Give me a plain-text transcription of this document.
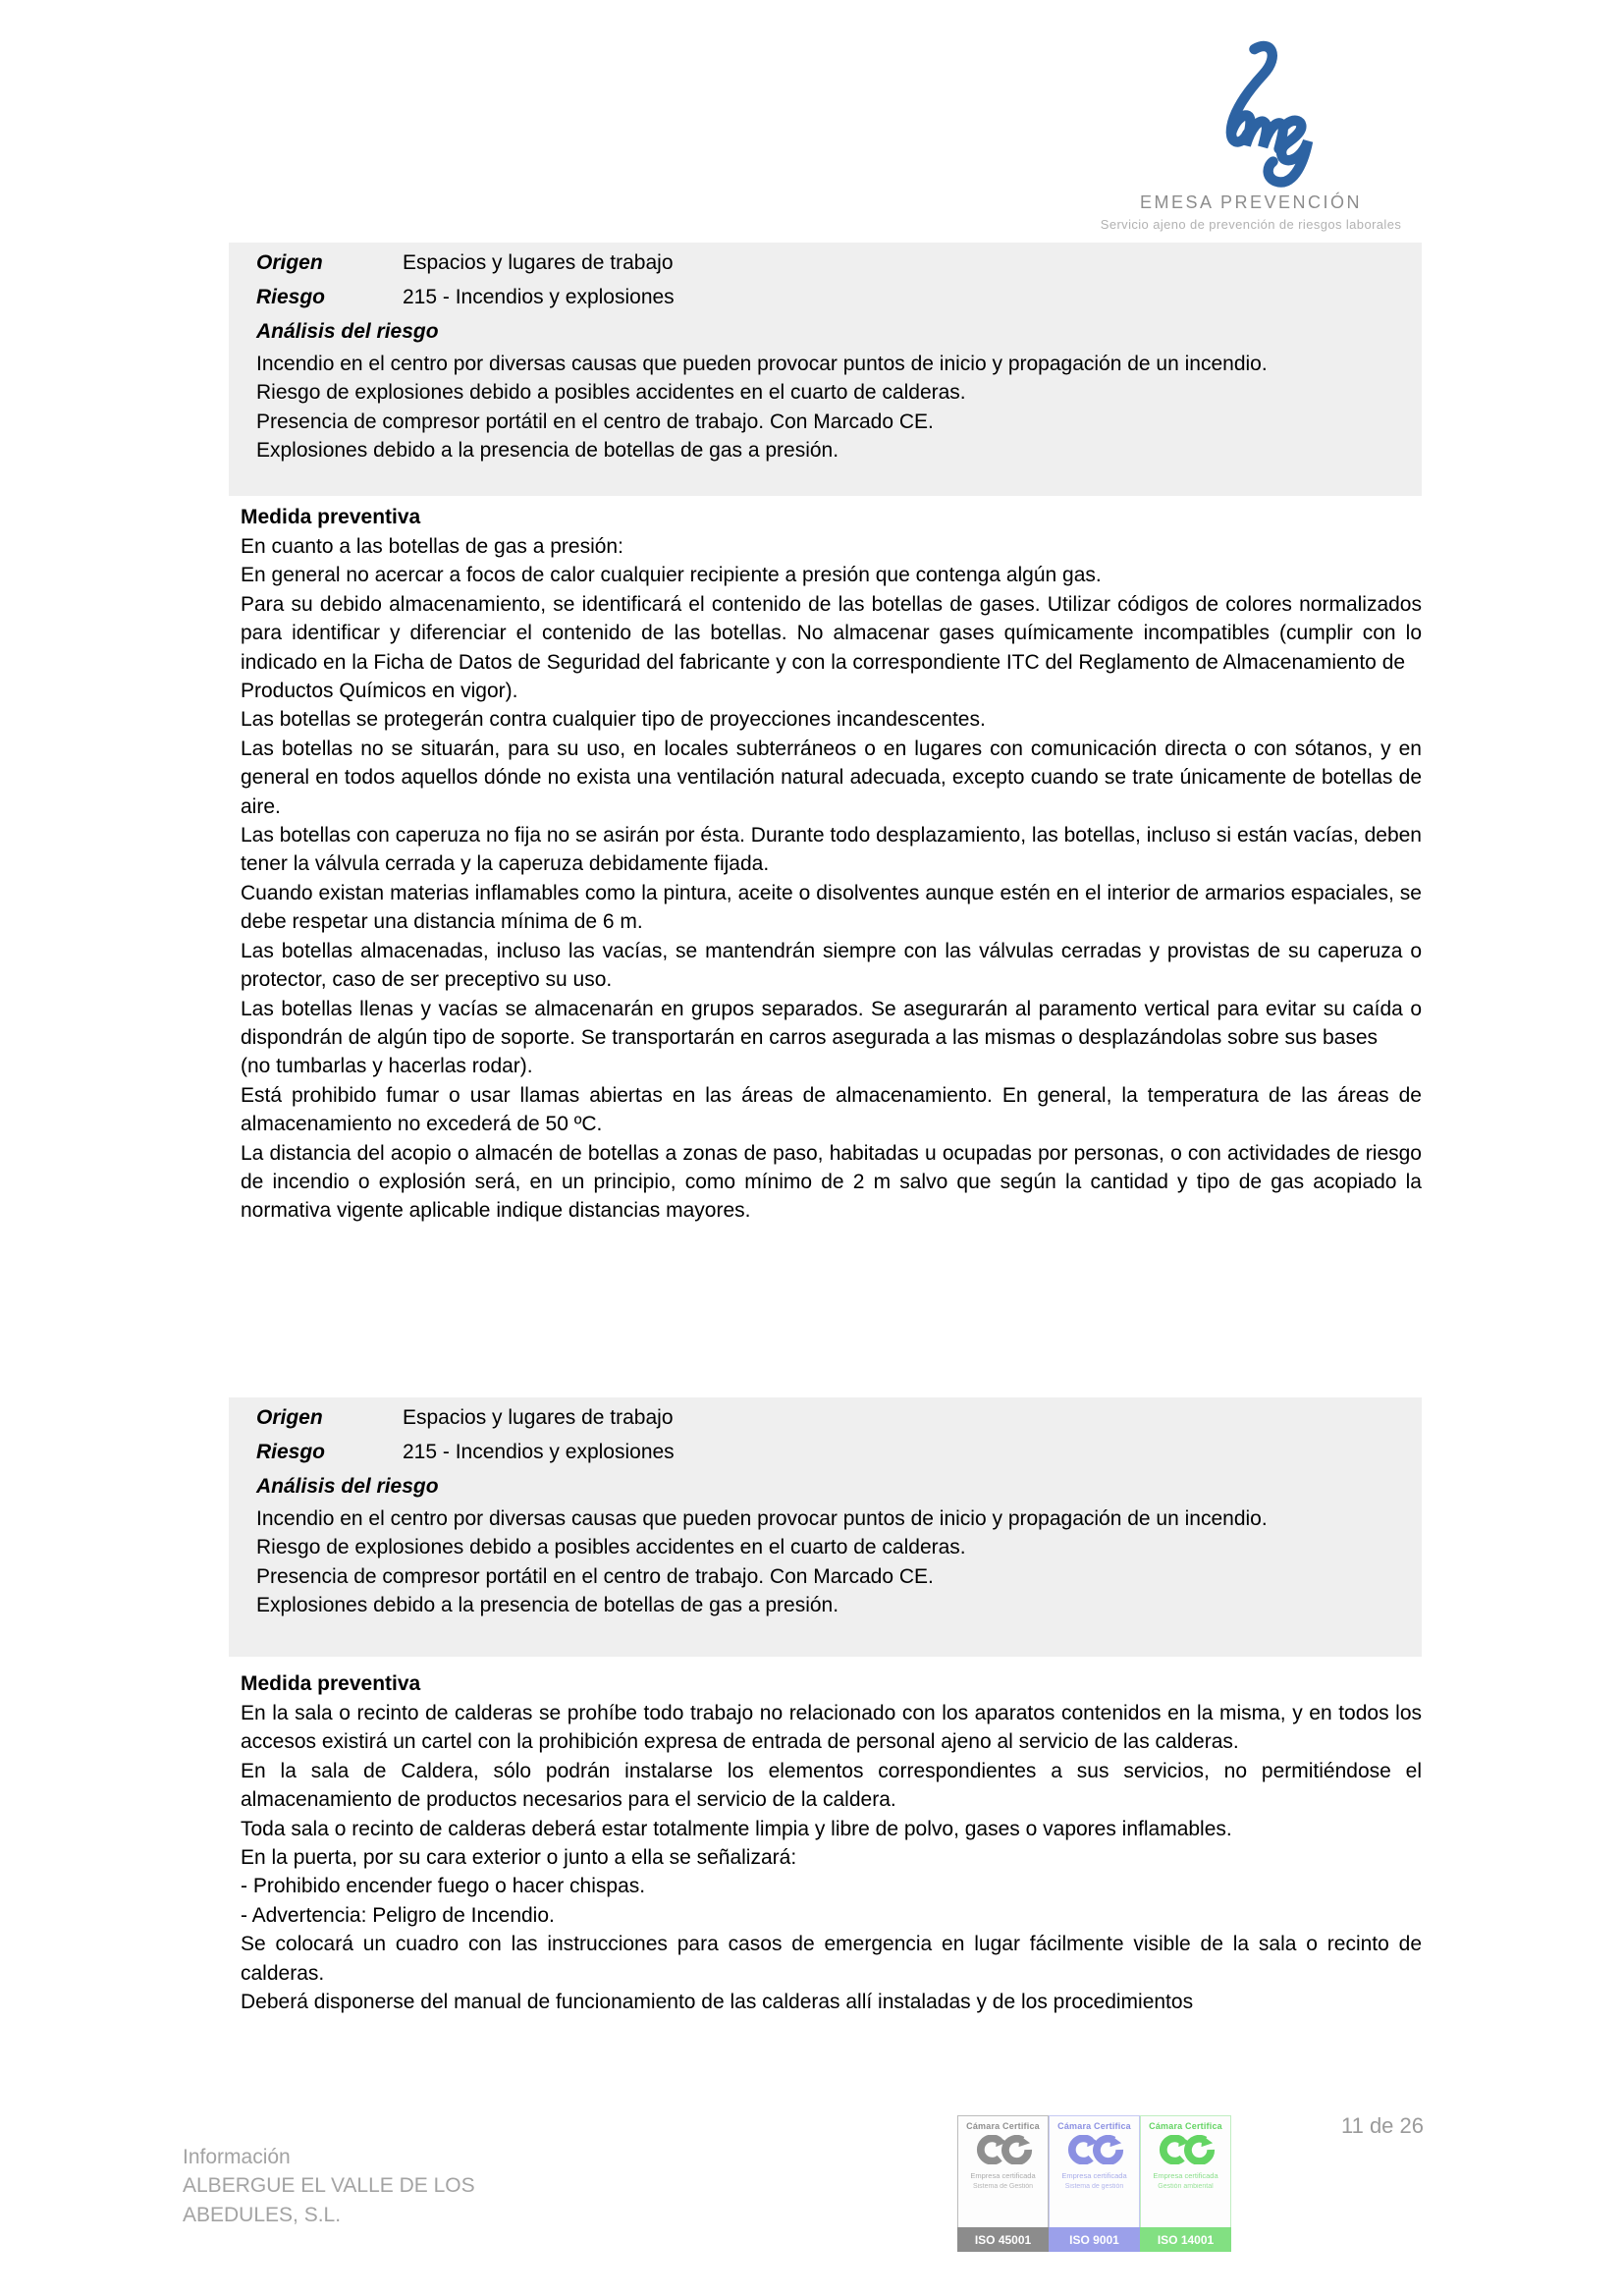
EMESA PREVENCIÓN
Servicio ajeno de prevención de riesgos laborales
Origen	Espacios y lugares de trabajo
Riesgo	215 - Incendios y explosiones
Análisis del riesgo

Incendio en el centro por diversas causas que pueden provocar puntos de inicio y propagación de un incendio.

Riesgo de explosiones debido a posibles accidentes en el cuarto de calderas.

Presencia de compresor portátil en el centro de trabajo. Con Marcado CE.

Explosiones debido a la presencia de botellas de gas a presión.

Medida preventiva

En cuanto a las botellas de gas a presión:

En general no acercar a focos de calor cualquier recipiente a presión que contenga algún gas.

Para su debido almacenamiento, se identificará el contenido de las botellas de gases. Utilizar códigos de colores normalizados para identificar y diferenciar el contenido de las botellas. No almacenar gases químicamente incompatibles (cumplir con lo indicado en la Ficha de Datos de Seguridad del fabricante y con la correspondiente ITC del Reglamento de Almacenamiento de

Productos Químicos en vigor).

Las botellas se protegerán contra cualquier tipo de proyecciones incandescentes.

Las botellas no se situarán, para su uso, en locales subterráneos o en lugares con comunicación directa o con sótanos, y en general en todos aquellos dónde no exista una ventilación natural adecuada, excepto cuando se trate únicamente de botellas de aire.

Las botellas con caperuza no fija no se asirán por ésta. Durante todo desplazamiento, las botellas, incluso si están vacías, deben tener la válvula cerrada y la caperuza debidamente fijada.

Cuando existan materias inflamables como la pintura, aceite o disolventes aunque estén en el interior de armarios espaciales, se debe respetar una distancia mínima de 6 m.

Las botellas almacenadas, incluso las vacías, se mantendrán siempre con las válvulas cerradas y provistas de su caperuza o protector, caso de ser preceptivo su uso.

Las botellas llenas y vacías se almacenarán en grupos separados. Se asegurarán al paramento vertical para evitar su caída o dispondrán de algún tipo de soporte. Se transportarán en carros asegurada a las mismas o desplazándolas sobre sus bases

(no tumbarlas y hacerlas rodar).

Está prohibido fumar o usar llamas abiertas en las áreas de almacenamiento. En general, la temperatura de las áreas de almacenamiento no excederá de 50 ºC.

La distancia del acopio o almacén de botellas a zonas de paso, habitadas u ocupadas por personas, o con actividades de riesgo de incendio o explosión será, en un principio, como mínimo de 2 m salvo que según la cantidad y tipo de gas acopiado la normativa vigente aplicable indique distancias mayores.

Origen	Espacios y lugares de trabajo
Riesgo	215 - Incendios y explosiones
Análisis del riesgo

Incendio en el centro por diversas causas que pueden provocar puntos de inicio y propagación de un incendio.

Riesgo de explosiones debido a posibles accidentes en el cuarto de calderas.

Presencia de compresor portátil en el centro de trabajo. Con Marcado CE.

Explosiones debido a la presencia de botellas de gas a presión.

Medida preventiva

En la sala o recinto de calderas se prohíbe todo trabajo no relacionado con los aparatos contenidos en la misma, y en todos los accesos existirá un cartel con la prohibición expresa de entrada de personal ajeno al servicio de las calderas.

En la sala de Caldera, sólo podrán instalarse los elementos correspondientes a sus servicios, no permitiéndose el almacenamiento de productos necesarios para el servicio de la caldera.

Toda sala o recinto de calderas deberá estar totalmente limpia y libre de polvo, gases o vapores inflamables.

En la puerta, por su cara exterior o junto a ella se señalizará:

- Prohibido encender fuego o hacer chispas.

- Advertencia: Peligro de Incendio.

Se colocará un cuadro con las instrucciones para casos de emergencia en lugar fácilmente visible de la sala o recinto de calderas.

Deberá disponerse del manual de funcionamiento de las calderas allí instaladas y de los procedimientos

Información
ALBERGUE EL VALLE DE LOS
ABEDULES, S.L.
Cámara Certifica
Empresa certificada
Sistema de Gestión
ISO 45001
Cámara Certifica
Empresa certificada
Sistema de gestión
ISO 9001
Cámara Certifica
Empresa certificada
Gestión ambiental
ISO 14001
11 de 26
